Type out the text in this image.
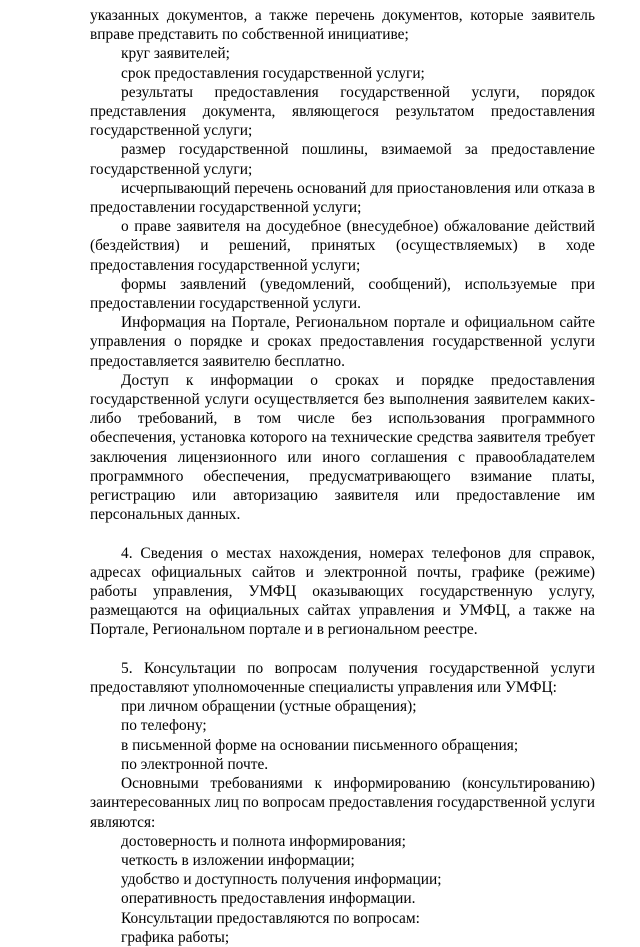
указанных документов, а также перечень документов, которые заявитель вправе представить по собственной инициативе;

круг заявителей;

срок предоставления государственной услуги;

результаты предоставления государственной услуги, порядок представления документа, являющегося результатом предоставления государственной услуги;

размер государственной пошлины, взимаемой за предоставление государственной услуги;

исчерпывающий перечень оснований для приостановления или отказа в предоставлении государственной услуги;

о праве заявителя на досудебное (внесудебное) обжалование действий (бездействия) и решений, принятых (осуществляемых) в ходе предоставления государственной услуги;

формы заявлений (уведомлений, сообщений), используемые при предоставлении государственной услуги.

Информация на Портале, Региональном портале и официальном сайте управления о порядке и сроках предоставления государственной услуги предоставляется заявителю бесплатно.

Доступ к информации о сроках и порядке предоставления государственной услуги осуществляется без выполнения заявителем каких-либо требований, в том числе без использования программного обеспечения, установка которого на технические средства заявителя требует заключения лицензионного или иного соглашения с правообладателем программного обеспечения, предусматривающего взимание платы, регистрацию или авторизацию заявителя или предоставление им персональных данных.

4. Сведения о местах нахождения, номерах телефонов для справок, адресах официальных сайтов и электронной почты, графике (режиме) работы управления, УМФЦ оказывающих государственную услугу, размещаются на официальных сайтах управления и УМФЦ, а также на Портале, Региональном портале и в региональном реестре.

5. Консультации по вопросам получения государственной услуги предоставляют уполномоченные специалисты управления или УМФЦ:

при личном обращении (устные обращения);

по телефону;

в письменной форме на основании письменного обращения;

по электронной почте.

Основными требованиями к информированию (консультированию) заинтересованных лиц по вопросам предоставления государственной услуги являются:

достоверность и полнота информирования;

четкость в изложении информации;

удобство и доступность получения информации;

оперативность предоставления информации.

Консультации предоставляются по вопросам:

графика работы;
